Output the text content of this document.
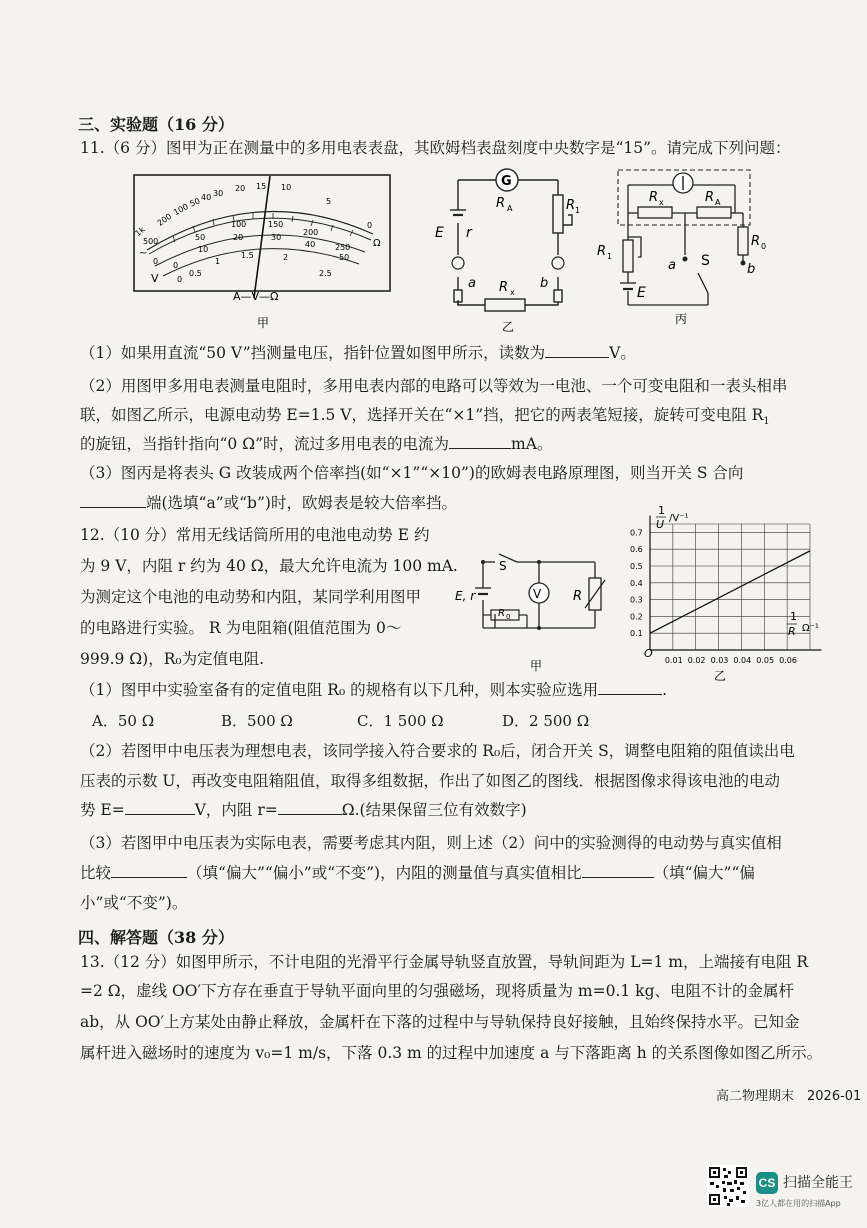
三、实验题（16 分）
11.（6 分）图甲为正在测量中的多用电表表盘，其欧姆档表盘刻度中央数字是“15”。请完成下列问题：
500
1k
200
100
50 40 30
20 15 10
5
0
Ω
0
50
100	150
200
250
0
10
20	30
40
50
0
0.5
1
1.5	2
2.5
V
~
A—V—Ω
甲
G
R A	R 1
E r
a	b
R x
乙
R x	R A
R 1
E
a S
b
R 0
丙
（1）如果用直流“50 V”挡测量电压，指针位置如图甲所示，读数为	V。
（2）用图甲多用电表测量电阻时，多用电表内部的电路可以等效为一电池、一个可变电阻和一表头相串
联，如图乙所示，电源电动势 E=1.5 V，选择开关在“×1”挡，把它的两表笔短接，旋转可变电阻 $R_1$
的旋钮，当指针指向“0 Ω”时，流过多用电表的电流为	mA。
（3）图丙是将表头 G 改装成两个倍率挡(如“×1”“×10”)的欧姆表电路原理图，则当开关 S 合向
端(选填“a”或“b”)时，欧姆表是较大倍率挡。
12.（10 分）常用无线话筒所用的电池电动势 E 约
为 9 V，内阻 r 约为 40 Ω，最大允许电流为 100 mA.
为测定这个电池的电动势和内阻，某同学利用图甲
的电路进行实验。 R 为电阻箱(阻值范围为 0～
999.9 Ω)，R₀为定值电阻.
V
S
R
E, r
R 0
甲	0.01 0.02 0.03 0.04 0.05 0.06
0.1
0.2
0.3
0.4
0.5
0.6
0.7
1
U /V⁻¹
1
R Ω⁻¹
O
乙
（1）图甲中实验室备有的定值电阻 R₀ 的规格有以下几种，则本实验应选用	.
A．50 Ω	B．500 Ω	C．1 500 Ω	D．2 500 Ω
（2）若图甲中电压表为理想电表，该同学接入符合要求的 R₀后，闭合开关 S，调整电阻箱的阻值读出电
压表的示数 U，再改变电阻箱阻值，取得多组数据，作出了如图乙的图线．根据图像求得该电池的电动
势 E=	V，内阻 r=	Ω.(结果保留三位有效数字)
（3）若图甲中电压表为实际电表，需要考虑其内阻，则上述（2）问中的实验测得的电动势与真实值相
比较	（填“偏大”“偏小”或“不变”)，内阻的测量值与真实值相比	（填“偏大”“偏
小”或“不变”)。
四、解答题（38 分）
13.（12 分）如图甲所示，不计电阻的光滑平行金属导轨竖直放置，导轨间距为 L=1 m，上端接有电阻 R
=2 Ω，虚线 OO′下方存在垂直于导轨平面向里的匀强磁场，现将质量为 m=0.1 kg、电阻不计的金属杆
ab，从 OO′上方某处由静止释放，金属杆在下落的过程中与导轨保持良好接触，且始终保持水平。已知金
属杆进入磁场时的速度为 v₀=1 m/s，下落 0.3 m 的过程中加速度 a 与下落距离 h 的关系图像如图乙所示。
高二物理期末　2026-01
CS 扫描全能王
3亿人都在用的扫描App
